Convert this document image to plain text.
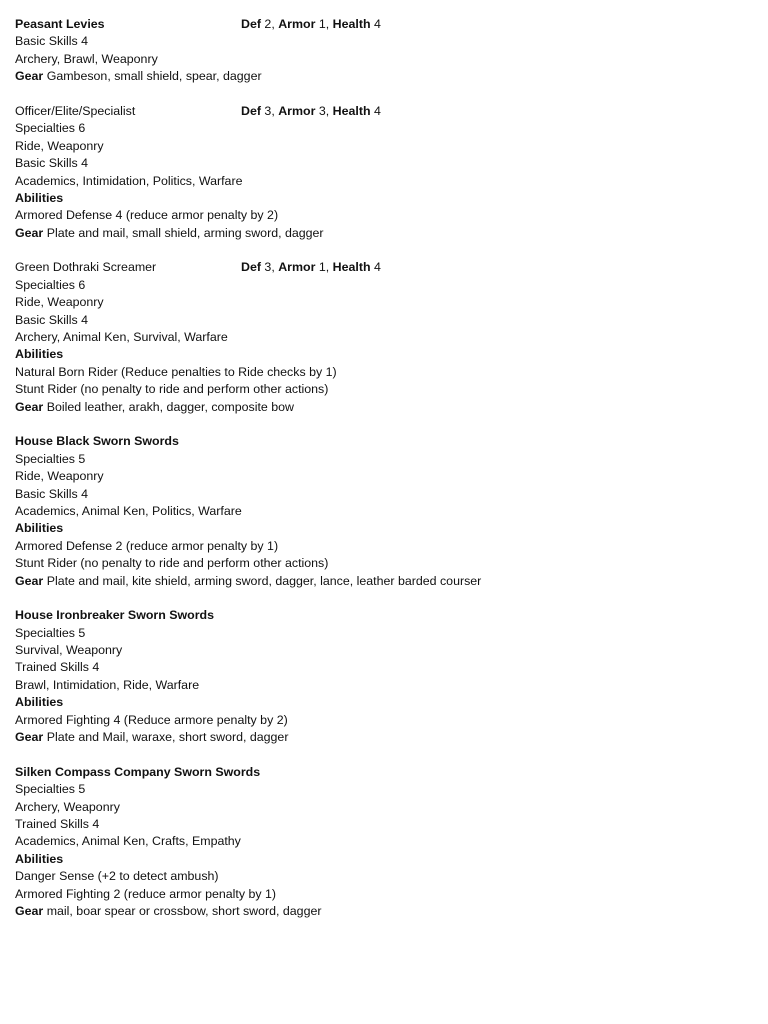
Peasant Levies	Def 2, Armor 1, Health 4
Basic Skills 4
Archery, Brawl, Weaponry
Gear Gambeson, small shield, spear, dagger
Officer/Elite/Specialist	Def 3, Armor 3, Health 4
Specialties 6
Ride, Weaponry
Basic Skills 4
Academics, Intimidation, Politics, Warfare
Abilities
Armored Defense 4 (reduce armor penalty by 2)
Gear Plate and mail, small shield, arming sword, dagger
Green Dothraki Screamer	Def 3, Armor 1, Health 4
Specialties 6
Ride, Weaponry
Basic Skills 4
Archery, Animal Ken, Survival, Warfare
Abilities
Natural Born Rider (Reduce penalties to Ride checks by 1)
Stunt Rider (no penalty to ride and perform other actions)
Gear Boiled leather, arakh, dagger, composite bow
House Black Sworn Swords
Specialties 5
Ride, Weaponry
Basic Skills 4
Academics, Animal Ken, Politics, Warfare
Abilities
Armored Defense 2 (reduce armor penalty by 1)
Stunt Rider (no penalty to ride and perform other actions)
Gear Plate and mail, kite shield, arming sword, dagger, lance, leather barded courser
House Ironbreaker Sworn Swords
Specialties 5
Survival, Weaponry
Trained Skills 4
Brawl, Intimidation, Ride, Warfare
Abilities
Armored Fighting 4 (Reduce armore penalty by 2)
Gear Plate and Mail, waraxe, short sword, dagger
Silken Compass Company Sworn Swords
Specialties 5
Archery, Weaponry
Trained Skills 4
Academics, Animal Ken, Crafts, Empathy
Abilities
Danger Sense (+2 to detect ambush)
Armored Fighting 2 (reduce armor penalty by 1)
Gear mail, boar spear or crossbow, short sword, dagger
